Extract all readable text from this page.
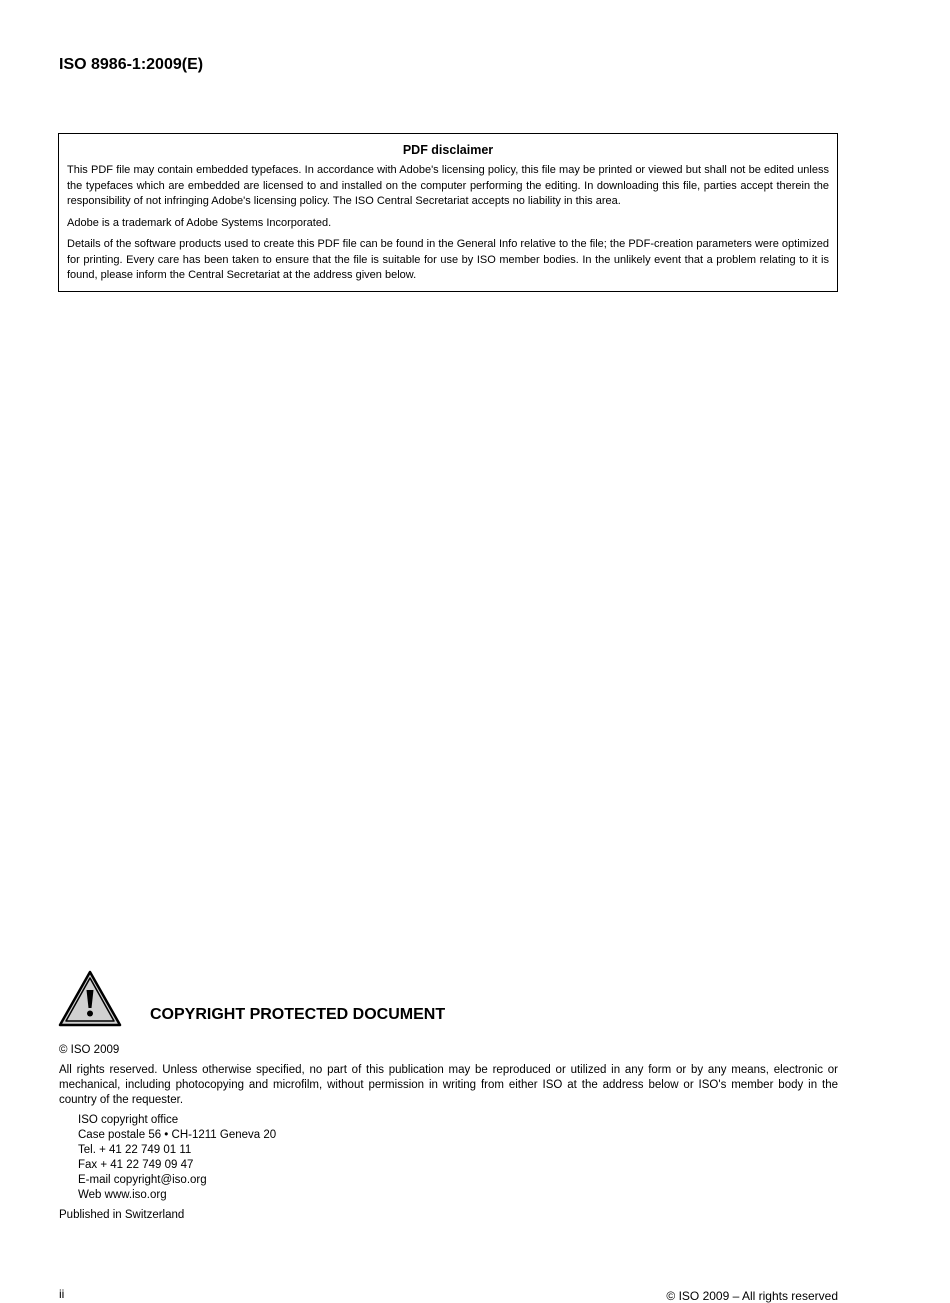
ISO 8986-1:2009(E)
PDF disclaimer

This PDF file may contain embedded typefaces. In accordance with Adobe's licensing policy, this file may be printed or viewed but shall not be edited unless the typefaces which are embedded are licensed to and installed on the computer performing the editing. In downloading this file, parties accept therein the responsibility of not infringing Adobe's licensing policy. The ISO Central Secretariat accepts no liability in this area.

Adobe is a trademark of Adobe Systems Incorporated.

Details of the software products used to create this PDF file can be found in the General Info relative to the file; the PDF-creation parameters were optimized for printing. Every care has been taken to ensure that the file is suitable for use by ISO member bodies. In the unlikely event that a problem relating to it is found, please inform the Central Secretariat at the address given below.

COPYRIGHT PROTECTED DOCUMENT

© ISO 2009

All rights reserved. Unless otherwise specified, no part of this publication may be reproduced or utilized in any form or by any means, electronic or mechanical, including photocopying and microfilm, without permission in writing from either ISO at the address below or ISO's member body in the country of the requester.

ISO copyright office
Case postale 56 • CH-1211 Geneva 20
Tel. + 41 22 749 01 11
Fax + 41 22 749 09 47
E-mail copyright@iso.org
Web www.iso.org

Published in Switzerland

ii	© ISO 2009 – All rights reserved
